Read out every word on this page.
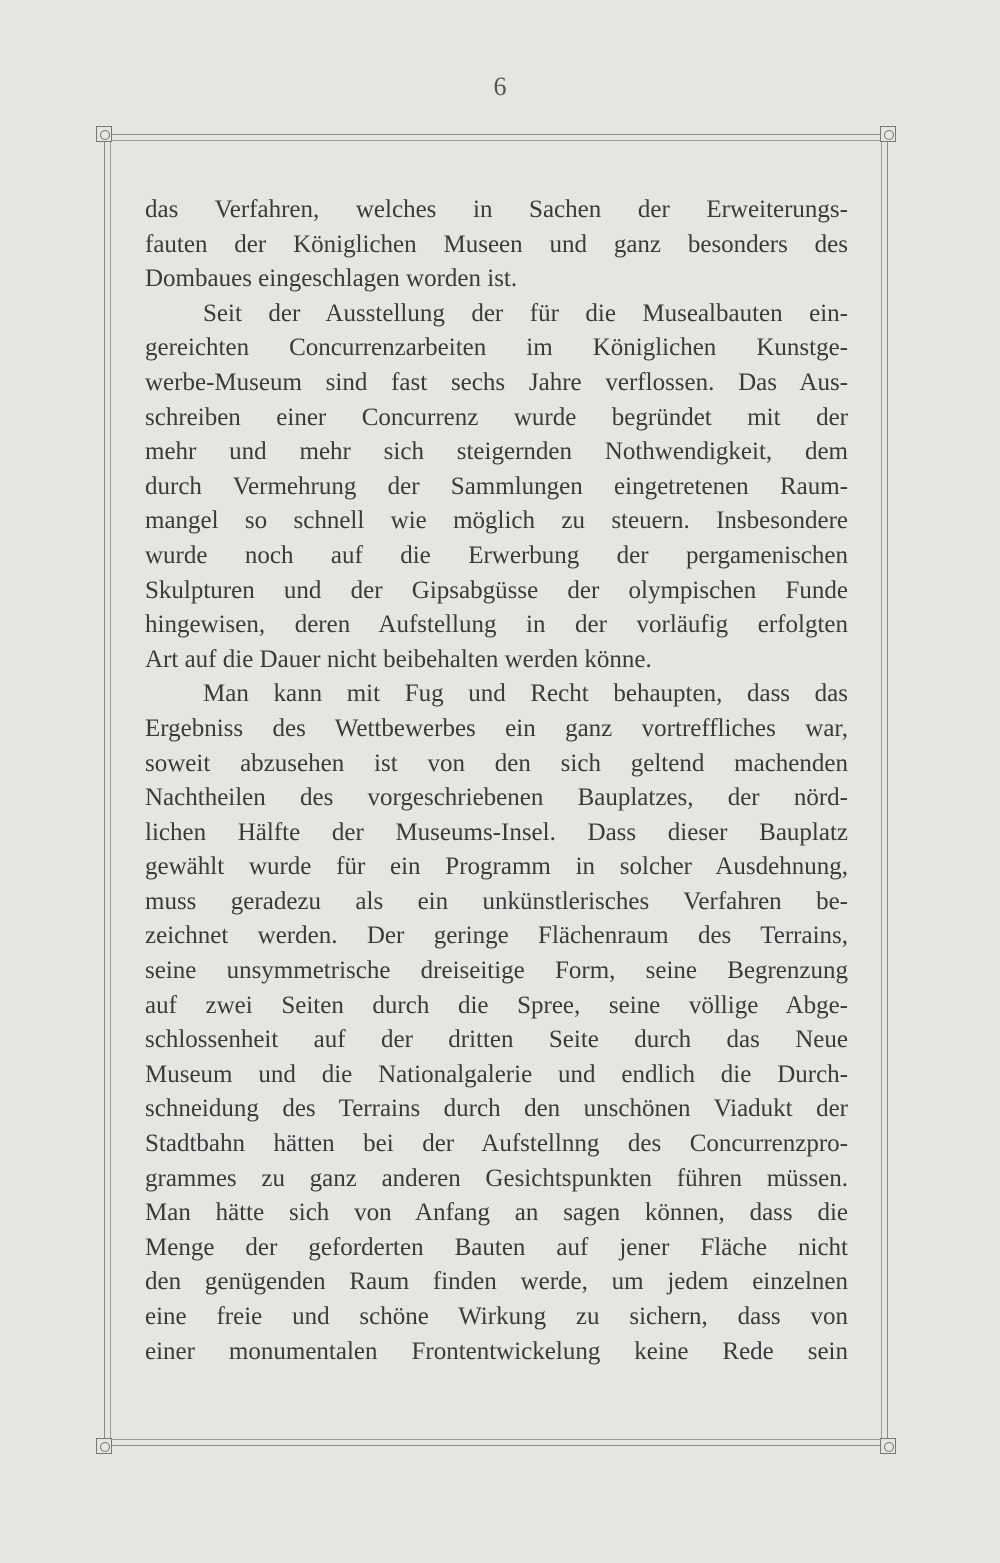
6
das Verfahren, welches in Sachen der Erweiterungs-
fauten der Königlichen Museen und ganz besonders des
Dombaues eingeschlagen worden ist.
Seit der Ausstellung der für die Musealbauten ein-
gereichten Concurrenzarbeiten im Königlichen Kunstge-
werbe-Museum sind fast sechs Jahre verflossen. Das Aus-
schreiben einer Concurrenz wurde begründet mit der
mehr und mehr sich steigernden Nothwendigkeit, dem
durch Vermehrung der Sammlungen eingetretenen Raum-
mangel so schnell wie möglich zu steuern. Insbesondere
wurde noch auf die Erwerbung der pergamenischen
Skulpturen und der Gipsabgüsse der olympischen Funde
hingewisen, deren Aufstellung in der vorläufig erfolgten
Art auf die Dauer nicht beibehalten werden könne.
Man kann mit Fug und Recht behaupten, dass das
Ergebniss des Wettbewerbes ein ganz vortreffliches war,
soweit abzusehen ist von den sich geltend machenden
Nachtheilen des vorgeschriebenen Bauplatzes, der nörd-
lichen Hälfte der Museums-Insel. Dass dieser Bauplatz
gewählt wurde für ein Programm in solcher Ausdehnung,
muss geradezu als ein unkünstlerisches Verfahren be-
zeichnet werden. Der geringe Flächenraum des Terrains,
seine unsymmetrische dreiseitige Form, seine Begrenzung
auf zwei Seiten durch die Spree, seine völlige Abge-
schlossenheit auf der dritten Seite durch das Neue
Museum und die Nationalgalerie und endlich die Durch-
schneidung des Terrains durch den unschönen Viadukt der
Stadtbahn hätten bei der Aufstellnng des Concurrenzpro-
grammes zu ganz anderen Gesichtspunkten führen müssen.
Man hätte sich von Anfang an sagen können, dass die
Menge der geforderten Bauten auf jener Fläche nicht
den genügenden Raum finden werde, um jedem einzelnen
eine freie und schöne Wirkung zu sichern, dass von
einer monumentalen Frontentwickelung keine Rede sein
